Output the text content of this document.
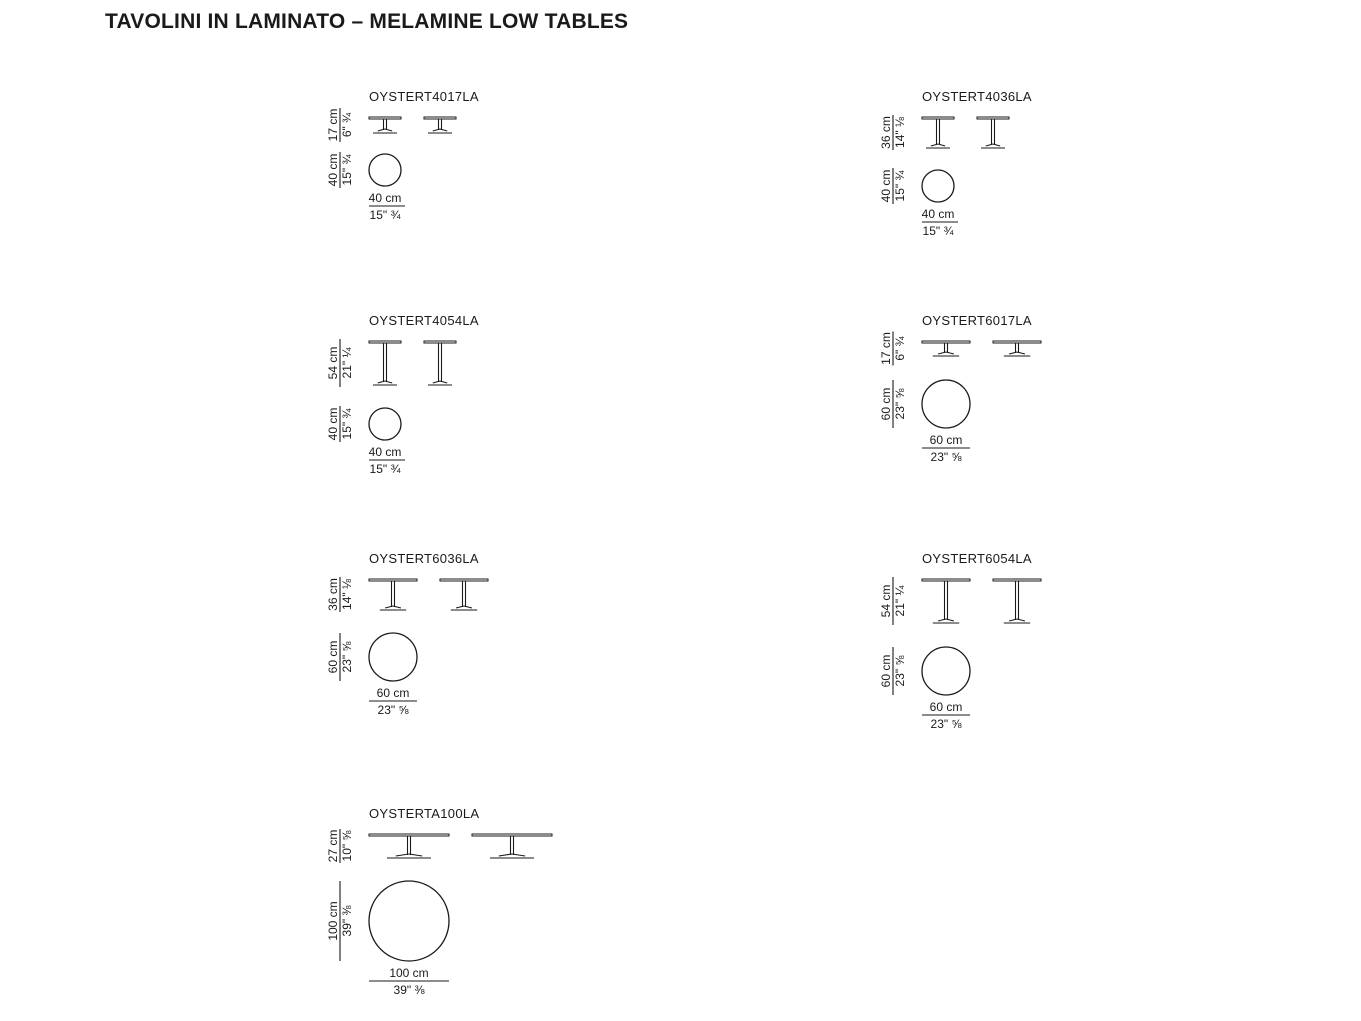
TAVOLINI IN LAMINATO – MELAMINE LOW TABLES
OYSTERT4017LA
17 cm 6" ¾
40 cm 15" ¾
40 cm
15" ¾
OYSTERT4036LA
36 cm 14" ⅛
40 cm 15" ¾
40 cm
15" ¾
OYSTERT4054LA
54 cm 21" ¼
40 cm 15" ¾
40 cm
15" ¾
OYSTERT6017LA
17 cm 6" ¾
60 cm 23" ⅝
60 cm
23" ⅝
OYSTERT6036LA
36 cm 14" ⅛
60 cm 23" ⅝
60 cm
23" ⅝
OYSTERT6054LA
54 cm 21" ¼
60 cm 23" ⅝
60 cm
23" ⅝
OYSTERTA100LA
27 cm 10" ⅝
100 cm 39" ⅜
100 cm
39" ⅜
